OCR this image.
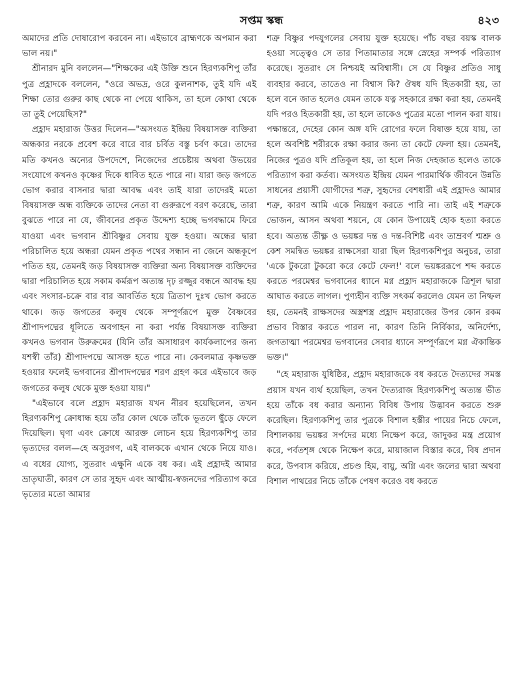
সপ্তম স্কন্ধ	৪২৩

অমাদের প্রতি দোষারোপ করবেন না। এইভাবে ব্রাহ্মণকে অপমান করা ভাল নয়।"

শ্রীনারদ মুনি বললেন—"শিক্ষকের এই উক্তি শুনে হিরণ্যকশিপু তাঁর পুত্র প্রহ্লাদকে বললেন, "ওরে অভদ্র, ওরে কুলনাশক, তুই যদি এই শিক্ষা তোর গুরুর কাছ থেকে না পেয়ে থাকিস, তা হলে কোথা থেকে তা তুই পেয়েছিস?"

প্রহ্লাদ মহারাজ উত্তর দিলেন—"অসংযত ইন্দ্রিয় বিষয়াসক্ত ব্যক্তিরা অন্ধকার নরকে প্রবেশ করে বারে বার চর্বিত বস্তু চর্বণ করে। তাদের মতি কখনও অন্যের উপদেশে, নিজেদের প্রচেষ্টায় অথবা উভয়ের সংযোগে কখনও কৃষ্ণের দিকে ধাবিত হতে পারে না। যারা জড় জগতে ভোগ করার বাসনার দ্বারা আবদ্ধ এবং তাই যারা তাদেরই মতো বিষয়াসক্ত অন্ধ ব্যক্তিকে তাদের নেতা বা গুরুরূপে বরণ করেছে, তারা বুঝতে পারে না যে, জীবনের প্রকৃত উদ্দেশ্য হচ্ছে ভগবদ্ধামে ফিরে যাওয়া এবং ভগবান শ্রীবিষ্ণুর সেবায় যুক্ত হওয়া। অন্ধের দ্বারা পরিচালিত হয়ে অন্ধরা যেমন প্রকৃত পথের সন্ধান না জেনে অন্ধকূপে পতিত হয়, তেমনই জড় বিষয়াসক্ত ব্যক্তিরা অন্য বিষয়াসক্ত ব্যক্তিদের দ্বারা পরিচালিত হয়ে সকাম কর্মরূপ অত্যন্ত দৃঢ় রজ্জুর বন্ধনে আবদ্ধ হয় এবং সংসার-চক্রে বার বার আবর্তিত হয়ে ত্রিতাপ দুঃখ ভোগ করতে থাকে। জড় জগতের কলুষ থেকে সম্পূর্ণরূপে মুক্ত বৈষ্ণবের শ্রীপাদপদ্মের ধূলিতে অবগাহন না করা পর্যন্ত বিষয়াসক্ত ব্যক্তিরা কখনও ভগবান উরুক্রমের (যিনি তাঁর অসাধারণ কার্যকলাপের জন্য যশস্বী তাঁর) শ্রীপাদপদ্মে আসক্ত হতে পারে না। কেবলমাত্র কৃষ্ণভক্ত হওয়ার ফলেই ভগবানের শ্রীপাদপদ্মের শরণ গ্রহণ করে এইভাবে জড় জগতের কলুষ থেকে মুক্ত হওয়া যায়।"

"এইভাবে বলে প্রহ্লাদ মহারাজ যখন নীরব হয়েছিলেন, তখন হিরণ্যকশিপু ক্রোধান্ধ হয়ে তাঁর কোল থেকে তাঁকে ভূতলে ছুঁড়ে ফেলে দিয়েছিল। ঘৃণা এবং ক্রোধে আরক্ত লোচন হয়ে হিরণ্যকশিপু তার ভৃত্যদের বলল—হে অসুরগণ, এই বালককে এখান থেকে নিয়ে যাও। এ বধের যোগ্য, সুতরাং এক্ষুনি একে বধ কর। এই প্রহ্লাদই আমার ভ্রাতৃঘাতী, কারণ সে তার সুহৃদ এবং আত্মীয়-স্বজনদের পরিত্যাগ করে ভৃত্যের মতো আমার

শত্রু বিষ্ণুর পদযুগলের সেবায় যুক্ত হয়েছে। পাঁচ বছর বয়স্ক বালক হওয়া সত্ত্বেও সে তার পিতামাতার সঙ্গে স্নেহের সম্পর্ক পরিত্যাগ করেছে। সুতরাং সে নিশ্চয়ই অবিশ্বাসী। সে যে বিষ্ণুর প্রতিও সাধু ব্যবহার করবে, তাতেও না বিশ্বাস কি? ঔষধ যদি হিতকারী হয়, তা হলে বনে জাত হলেও যেমন তাকে যত্ন সহকারে রক্ষা করা হয়, তেমনই যদি পরও হিতকারী হয়, তা হলে তাকেও পুত্রের মতো পালন করা যায়। পক্ষান্তরে, দেহের কোন অঙ্গ যদি রোগের ফলে বিষাক্ত হয়ে যায়, তা হলে অবশিষ্ট শরীরকে রক্ষা করার জন্য তা কেটে ফেলা হয়। তেমনই, নিজের পুত্রও যদি প্রতিকূল হয়, তা হলে নিজ দেহজাত হলেও তাকে পরিত্যাগ করা কর্তব্য। অসংযত ইন্দ্রিয় যেমন পারমার্থিক জীবনে উন্নতি সাধনের প্রয়াসী যোগীদের শত্রু, সুহৃদের বেশধারী এই প্রহ্লাদও আমার শত্রু, কারণ আমি একে নিয়ন্ত্রণ করতে পারি না। তাই এই শত্রুকে ভোজন, আসন অথবা শয়নে, যে কোন উপায়েই হোক হত্যা করতে হবে। অত্যন্ত তীক্ষ্ণ ও ভয়ঙ্কর দন্ত ও দন্ত-বিশিষ্ট এবং তাম্রবর্ণ শ্মশ্রু ও কেশ সমন্বিত ভয়ঙ্কর রাক্ষসেরা যারা ছিল হিরণ্যকশিপুর অনুচর, তারা 'একে টুকরো টুকরো করে কেটে ফেল!' বলে ভয়ঙ্কররূপে শব্দ করতে করতে পরমেশ্বর ভগবানের ধ্যানে মগ্ন প্রহ্লাদ মহারাজকে ত্রিশূল দ্বারা আঘাত করতে লাগল। পুণ্যহীন ব্যক্তি সৎকর্ম করলেও যেমন তা নিষ্ফল হয়, তেমনই রাক্ষসদের অস্ত্রশস্ত্র প্রহ্লাদ মহারাজের উপর কোন রকম প্রভাব বিস্তার করতে পারল না, কারণ তিনি নির্বিকার, অনির্দেশ্য, জগতাত্মা পরমেশ্বর ভগবানের সেবার ধ্যানে সম্পূর্ণরূপে মগ্ন ঐকান্তিক ভক্ত।"

"হে মহারাজ যুধিষ্ঠির, প্রহ্লাদ মহারাজকে বধ করতে দৈত্যদের সমস্ত প্রয়াস যখন ব্যর্থ হয়েছিল, তখন দৈত্যরাজ হিরণ্যকশিপু অত্যন্ত ভীত হয়ে তাঁকে বধ করার অন্যান্য বিবিধ উপায় উদ্ভাবন করতে শুরু করেছিল। হিরণ্যকশিপু তার পুত্রকে বিশাল হস্তীর পায়ের নিচে ফেলে, বিশালকায় ভয়ঙ্কর সর্পদের মধ্যে নিক্ষেপ করে, জাদুকর মন্ত্র প্রয়োগ করে, পর্বতশৃঙ্গ থেকে নিক্ষেপ করে, মায়াজাল বিস্তার করে, বিষ প্রদান করে, উপবাস করিয়ে, প্রচণ্ড হিম, বায়ু, অগ্নি এবং জলের দ্বারা অথবা বিশাল পাথরের নিচে তাঁকে পেষণ করেও বধ করতে
